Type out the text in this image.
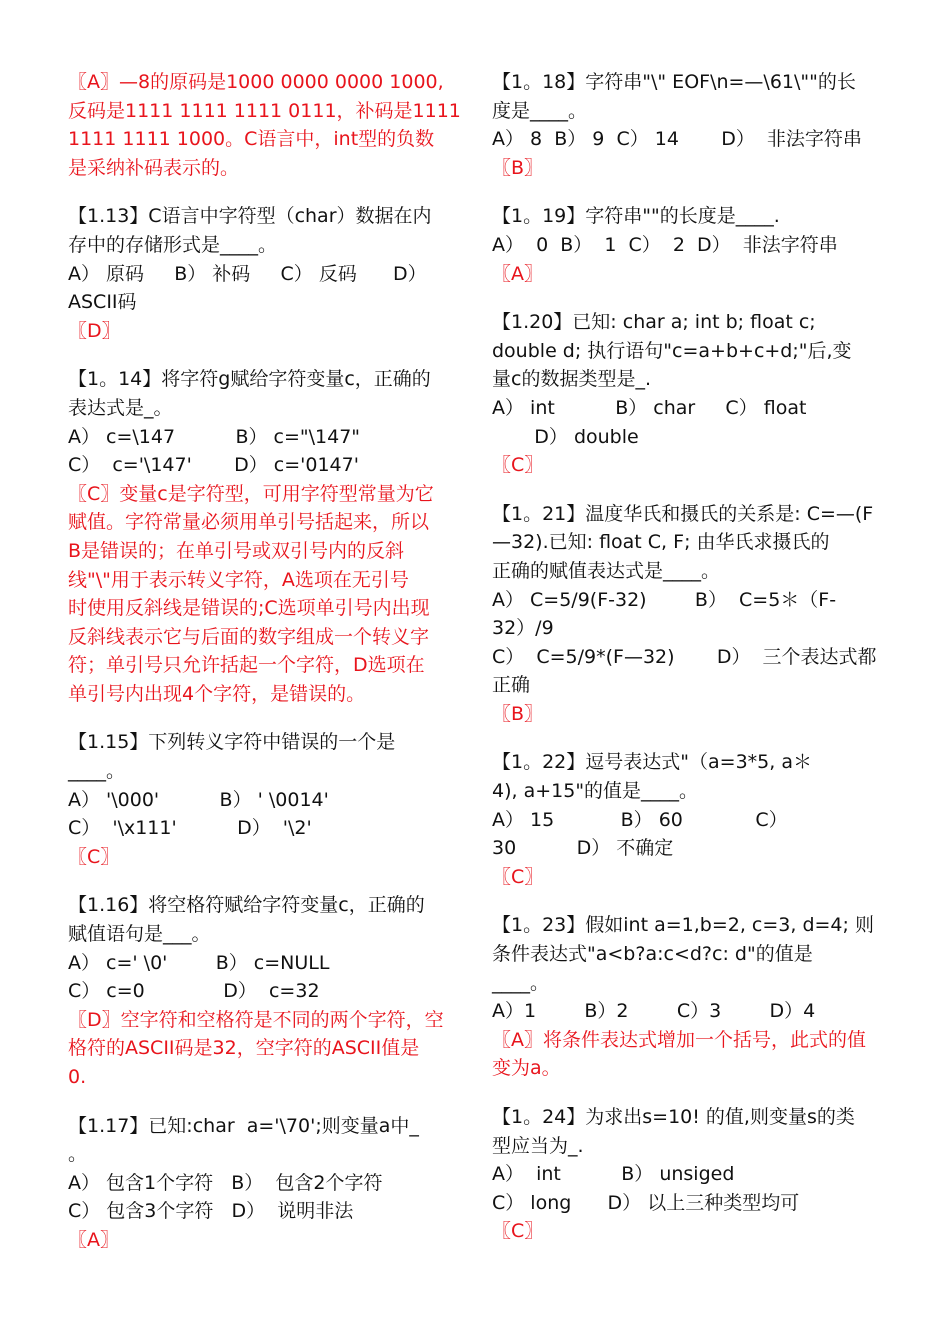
〖A〗—8的原码是1000 0000 0000 1000,
反码是1111 1111 1111 0111，补码是1111
1111 1111 1000。C语言中，int型的负数
是采纳补码表示的。
【1.13】C语言中字符型（char）数据在内
存中的存储形式是____。
A） 原码     B） 补码     C） 反码      D）
ASCII码
〖D〗
【1。14】将字符g赋给字符变量c，正确的
表达式是_。
A） c=\147          B） c="\147"
C）  c='\147'       D） c='0147'
〖C〗变量c是字符型，可用字符型常量为它
赋值。字符常量必须用单引号括起来，所以
B是错误的；在单引号或双引号内的反斜
线"\"用于表示转义字符，A选项在无引号
时使用反斜线是错误的;C选项单引号内出现
反斜线表示它与后面的数字组成一个转义字
符；单引号只允许括起一个字符，D选项在
单引号内出现4个字符，是错误的。
【1.15】下列转义字符中错误的一个是
____。
A） '\000'          B） ' \0014'
C）  '\x111'          D）  '\2'
〖C〗
【1.16】将空格符赋给字符变量c，正确的
赋值语句是___。
A） c=' \0'        B） c=NULL
C） c=0             D）  c=32
〖D〗空字符和空格符是不同的两个字符，空
格符的ASCII码是32，空字符的ASCII值是
0.
【1.17】已知:char  a='\70';则变量a中_
。
A） 包含1个字符   B）  包含2个字符
C） 包含3个字符   D）  说明非法
〖A〗
【1。18】字符串"\" EOF\n=—\61\""的长
度是____。
A） 8  B） 9  C） 14       D）  非法字符串
〖B〗
【1。19】字符串""的长度是____.
A）  0  B）  1  C）  2  D）  非法字符串
〖A〗
【1.20】已知: char a; int b; float c;
double d; 执行语句"c=a+b+c+d;"后,变
量c的数据类型是_.
A） int          B） char     C） float
D） double
〖C〗
【1。21】温度华氏和摄氏的关系是: C=—(F
—32).已知: float C, F; 由华氏求摄氏的
正确的赋值表达式是____。
A） C=5/9(F-32)        B）  C=5＊（F-
32）/9
C）  C=5/9*(F—32)       D）  三个表达式都
正确
〖B〗
【1。22】逗号表达式"（a=3*5, a＊
4), a+15"的值是____。
A） 15           B） 60            C）
30          D） 不确定
〖C〗
【1。23】假如int a=1,b=2, c=3, d=4; 则
条件表达式"a<b?a:c<d?c: d"的值是
____。
A）1        B）2        C）3        D）4
〖A〗将条件表达式增加一个括号，此式的值
变为a。
【1。24】为求出s=10! 的值,则变量s的类
型应当为_.
A）  int          B） unsiged
C） long      D） 以上三种类型均可
〖C〗
